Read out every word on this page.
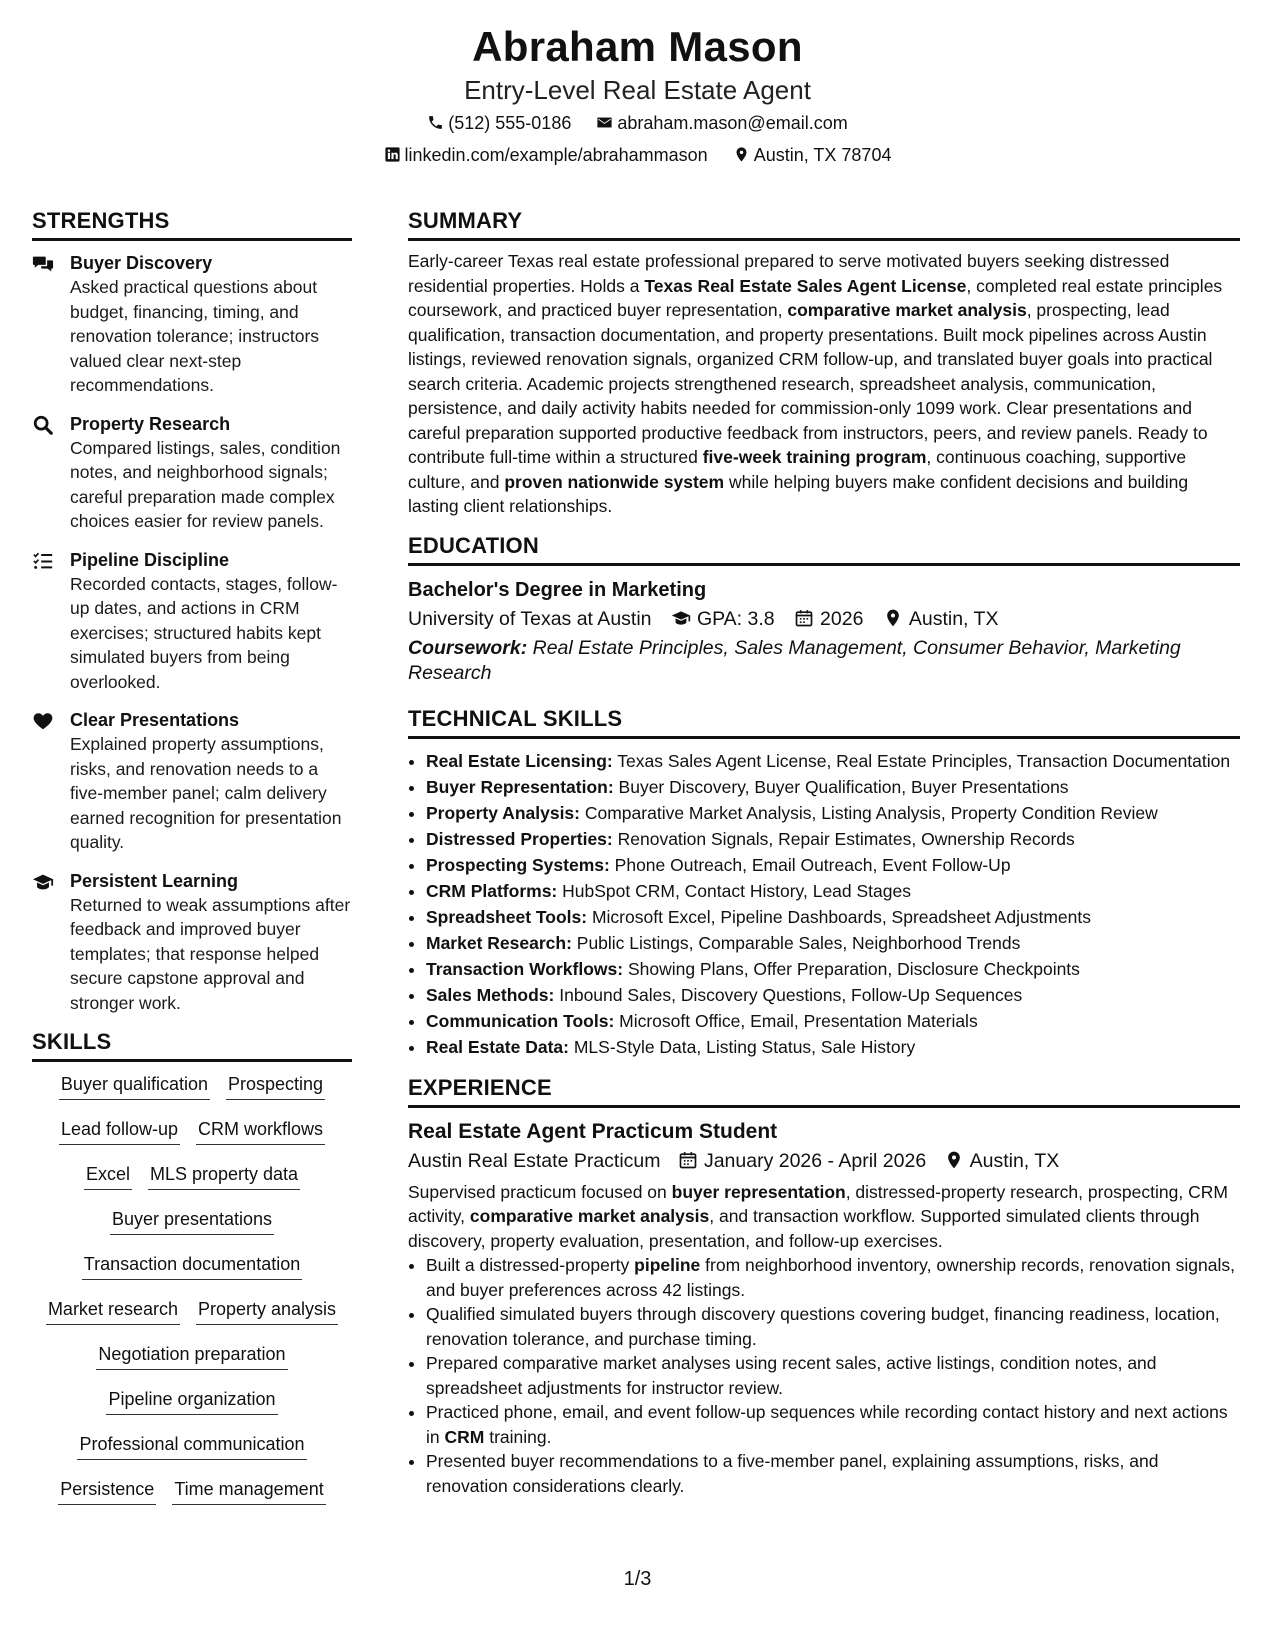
Abraham Mason
Entry-Level Real Estate Agent
(512) 555-0186	abraham.mason@email.com
linkedin.com/example/abrahammason	Austin, TX 78704
STRENGTHS
Buyer Discovery
Asked practical questions about budget, financing, timing, and renovation tolerance; instructors valued clear next-step recommendations.
Property Research
Compared listings, sales, condition notes, and neighborhood signals; careful preparation made complex choices easier for review panels.
Pipeline Discipline
Recorded contacts, stages, follow-up dates, and actions in CRM exercises; structured habits kept simulated buyers from being overlooked.
Clear Presentations
Explained property assumptions, risks, and renovation needs to a five-member panel; calm delivery earned recognition for presentation quality.
Persistent Learning
Returned to weak assumptions after feedback and improved buyer templates; that response helped secure capstone approval and stronger work.
SKILLS
Buyer qualification Prospecting
Lead follow-up CRM workflows
Excel MLS property data
Buyer presentations
Transaction documentation
Market research Property analysis
Negotiation preparation
Pipeline organization
Professional communication
Persistence Time management
SUMMARY
Early-career Texas real estate professional prepared to serve motivated buyers seeking distressed residential properties. Holds a Texas Real Estate Sales Agent License, completed real estate principles coursework, and practiced buyer representation, comparative market analysis, prospecting, lead qualification, transaction documentation, and property presentations. Built mock pipelines across Austin listings, reviewed renovation signals, organized CRM follow-up, and translated buyer goals into practical search criteria. Academic projects strengthened research, spreadsheet analysis, communication, persistence, and daily activity habits needed for commission-only 1099 work. Clear presentations and careful preparation supported productive feedback from instructors, peers, and review panels. Ready to contribute full-time within a structured five-week training program, continuous coaching, supportive culture, and proven nationwide system while helping buyers make confident decisions and building lasting client relationships.
EDUCATION
Bachelor's Degree in Marketing
University of Texas at Austin GPA: 3.8 2026 Austin, TX
Coursework: Real Estate Principles, Sales Management, Consumer Behavior, Marketing Research
TECHNICAL SKILLS
• Real Estate Licensing: Texas Sales Agent License, Real Estate Principles, Transaction Documentation
• Buyer Representation: Buyer Discovery, Buyer Qualification, Buyer Presentations
• Property Analysis: Comparative Market Analysis, Listing Analysis, Property Condition Review
• Distressed Properties: Renovation Signals, Repair Estimates, Ownership Records
• Prospecting Systems: Phone Outreach, Email Outreach, Event Follow-Up
• CRM Platforms: HubSpot CRM, Contact History, Lead Stages
• Spreadsheet Tools: Microsoft Excel, Pipeline Dashboards, Spreadsheet Adjustments
• Market Research: Public Listings, Comparable Sales, Neighborhood Trends
• Transaction Workflows: Showing Plans, Offer Preparation, Disclosure Checkpoints
• Sales Methods: Inbound Sales, Discovery Questions, Follow-Up Sequences
• Communication Tools: Microsoft Office, Email, Presentation Materials
• Real Estate Data: MLS-Style Data, Listing Status, Sale History
EXPERIENCE
Real Estate Agent Practicum Student
Austin Real Estate Practicum January 2026 - April 2026 Austin, TX
Supervised practicum focused on buyer representation, distressed-property research, prospecting, CRM activity, comparative market analysis, and transaction workflow. Supported simulated clients through discovery, property evaluation, presentation, and follow-up exercises.
• Built a distressed-property pipeline from neighborhood inventory, ownership records, renovation signals, and buyer preferences across 42 listings.
• Qualified simulated buyers through discovery questions covering budget, financing readiness, location, renovation tolerance, and purchase timing.
• Prepared comparative market analyses using recent sales, active listings, condition notes, and spreadsheet adjustments for instructor review.
• Practiced phone, email, and event follow-up sequences while recording contact history and next actions in CRM training.
• Presented buyer recommendations to a five-member panel, explaining assumptions, risks, and renovation considerations clearly.
1/3
